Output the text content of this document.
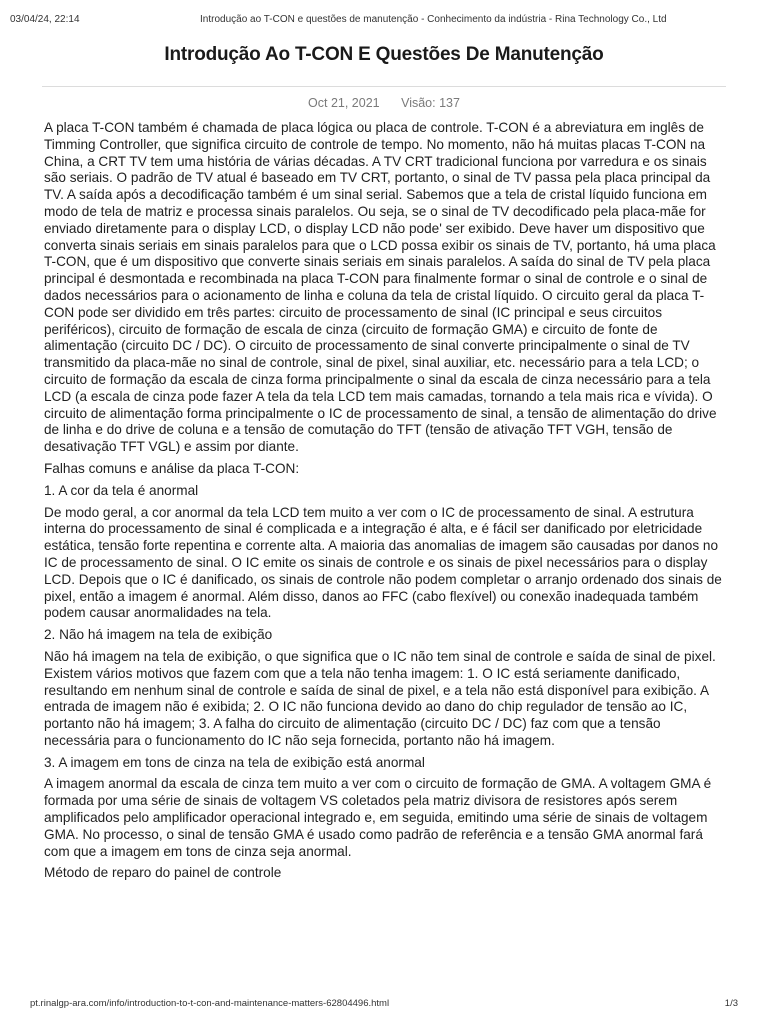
03/04/24, 22:14	Introdução ao T-CON e questões de manutenção - Conhecimento da indústria - Rina Technology Co., Ltd
Introdução Ao T-CON E Questões De Manutenção
Oct 21, 2021 Visão: 137

A placa T-CON também é chamada de placa lógica ou placa de controle. T-CON é a abreviatura em inglês de Timming Controller, que significa circuito de controle de tempo. No momento, não há muitas placas T-CON na China, a CRT TV tem uma história de várias décadas. A TV CRT tradicional funciona por varredura e os sinais são seriais. O padrão de TV atual é baseado em TV CRT, portanto, o sinal de TV passa pela placa principal da TV. A saída após a decodificação também é um sinal serial. Sabemos que a tela de cristal líquido funciona em modo de tela de matriz e processa sinais paralelos. Ou seja, se o sinal de TV decodificado pela placa-mãe for enviado diretamente para o display LCD, o display LCD não pode' ser exibido. Deve haver um dispositivo que converta sinais seriais em sinais paralelos para que o LCD possa exibir os sinais de TV, portanto, há uma placa T-CON, que é um dispositivo que converte sinais seriais em sinais paralelos. A saída do sinal de TV pela placa principal é desmontada e recombinada na placa T-CON para finalmente formar o sinal de controle e o sinal de dados necessários para o acionamento de linha e coluna da tela de cristal líquido. O circuito geral da placa T-CON pode ser dividido em três partes: circuito de processamento de sinal (IC principal e seus circuitos periféricos), circuito de formação de escala de cinza (circuito de formação GMA) e circuito de fonte de alimentação (circuito DC / DC). O circuito de processamento de sinal converte principalmente o sinal de TV transmitido da placa-mãe no sinal de controle, sinal de pixel, sinal auxiliar, etc. necessário para a tela LCD; o circuito de formação da escala de cinza forma principalmente o sinal da escala de cinza necessário para a tela LCD (a escala de cinza pode fazer A tela da tela LCD tem mais camadas, tornando a tela mais rica e vívida). O circuito de alimentação forma principalmente o IC de processamento de sinal, a tensão de alimentação do drive de linha e do drive de coluna e a tensão de comutação do TFT (tensão de ativação TFT VGH, tensão de desativação TFT VGL) e assim por diante.

Falhas comuns e análise da placa T-CON:

1. A cor da tela é anormal

De modo geral, a cor anormal da tela LCD tem muito a ver com o IC de processamento de sinal. A estrutura interna do processamento de sinal é complicada e a integração é alta, e é fácil ser danificado por eletricidade estática, tensão forte repentina e corrente alta. A maioria das anomalias de imagem são causadas por danos no IC de processamento de sinal. O IC emite os sinais de controle e os sinais de pixel necessários para o display LCD. Depois que o IC é danificado, os sinais de controle não podem completar o arranjo ordenado dos sinais de pixel, então a imagem é anormal. Além disso, danos ao FFC (cabo flexível) ou conexão inadequada também podem causar anormalidades na tela.

2. Não há imagem na tela de exibição

Não há imagem na tela de exibição, o que significa que o IC não tem sinal de controle e saída de sinal de pixel. Existem vários motivos que fazem com que a tela não tenha imagem: 1. O IC está seriamente danificado, resultando em nenhum sinal de controle e saída de sinal de pixel, e a tela não está disponível para exibição. A entrada de imagem não é exibida; 2. O IC não funciona devido ao dano do chip regulador de tensão ao IC, portanto não há imagem; 3. A falha do circuito de alimentação (circuito DC / DC) faz com que a tensão necessária para o funcionamento do IC não seja fornecida, portanto não há imagem.

3. A imagem em tons de cinza na tela de exibição está anormal

A imagem anormal da escala de cinza tem muito a ver com o circuito de formação de GMA. A voltagem GMA é formada por uma série de sinais de voltagem VS coletados pela matriz divisora de resistores após serem amplificados pelo amplificador operacional integrado e, em seguida, emitindo uma série de sinais de voltagem GMA. No processo, o sinal de tensão GMA é usado como padrão de referência e a tensão GMA anormal fará com que a imagem em tons de cinza seja anormal.

Método de reparo do painel de controle

pt.rinalgp-ara.com/info/introduction-to-t-con-and-maintenance-matters-62804496.html	1/3
